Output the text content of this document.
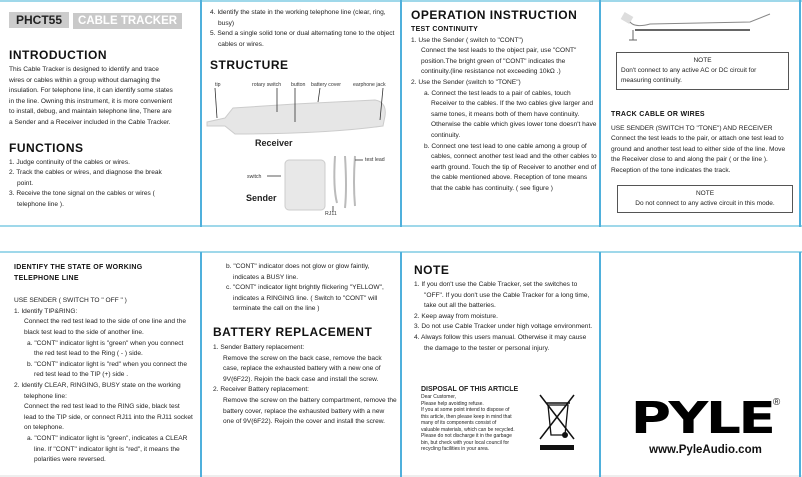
PHCT55 CABLE TRACKER
INTRODUCTION
This Cable Tracker is designed to identify and trace
wires or cables within a group without damaging the
insulation. For telephone line, it can identify some states
in the line. Owning this instrument, it is more convenient
to install, debug, and maintain telephone line, There are
a Sender and a Receiver included in the Cable Tracker.
FUNCTIONS
1. Judge continuity of the cables or wires.
2. Track the cables or wires, and diagnose the break point.
3. Receive the tone signal on the cables or wires ( telephone line ).
4. Identify the state in the working telephone line (clear, ring, busy)
5. Send a single solid tone or dual alternating tone to the object cables or wires.
STRUCTURE
tip	rotary switch button battery cover earphone jack
Receiver
switch
test lead
Sender
RJ11
OPERATION INSTRUCTION
TEST CONTINUITY
1. Use the Sender ( switch to "CONT")
Connect the test leads to the object pair, use "CONT"
position.The bright green of "CONT" indicates the
continuity.(line resistance not exceeding 10kΩ .)
2. Use the Sender (switch to "TONE")
a. Connect the test leads to a pair of cables, touch Receiver to the cables. If the two cables give larger and same tones, it means both of them have continuity. Otherwise the cable which gives lower tone doesn't have continuity.
b. Connect one test lead to one cable among a group of cables, connect another test lead and the other cables to earth ground. Touch the tip of Receiver to another end of the cable mentioned above. Reception of tone means that the cable has continuity. ( see figure )
NOTE
Don't connect to any active AC or DC circuit for measuring continuity.
TRACK CABLE OR WIRES
USE SENDER (SWITCH TO "TONE") AND RECEIVER
Connect the test leads to the pair, or attach one test lead to ground and another test lead to either side of the line. Move the Receiver close to and along the pair ( or the line ). Reception of the tone indicates the track.
NOTE
Do not connect to any active circuit in this mode.
IDENTIFY THE STATE OF WORKING
TELEPHONE LINE
USE SENDER ( SWITCH TO " OFF " )
1. Identify TIP&RING:
Connect the red test lead to the side of one line and the black test lead to the side of another line.
a. "CONT" indicator light is "green" when you connect the red test lead to the Ring ( - ) side.
b. "CONT" indicator light is "red" when you connect the red test lead to the TIP (+) side .
2. Identify CLEAR, RINGING, BUSY state on the working telephone line:
Connect the red test lead to the RING side, black test lead to the TIP side, or connect RJ11 into the RJ11 socket on telephone.
a. "CONT" indicator light is "green", indicates a CLEAR line. If "CONT" indicator light is "red", it means the polarities were reversed.
b. "CONT" indicator does not glow or glow faintly, indicates a BUSY line.
c. "CONT" indicator light brightly flickering "YELLOW", indicates a RINGING line. ( Switch to "CONT" will terminate the call on the line )
BATTERY REPLACEMENT
1. Sender Battery replacement:
Remove the screw on the back case, remove the back case, replace the exhausted battery with a new one of 9V(6F22). Rejoin the back case and install the screw.
2. Receiver Battery replacement:
Remove the screw on the battery compartment, remove the battery cover, replace the exhausted battery with a new one of 9V(6F22). Rejoin the cover and install the screw.
NOTE
1. If you don't use the Cable Tracker, set the switches to "OFF". If you don't use the Cable Tracker for a long time, take out all the batteries.
2. Keep away from moisture.
3. Do not use Cable Tracker under high voltage environment.
4. Always follow this users manual. Otherwise it may cause the damage to the tester or personal injury.
DISPOSAL OF THIS ARTICLE
Dear Customer,
Please help avoiding refuse.
If you at some point intend to dispose of
this article, then please keep in mind that
many of its components consist of
valuable materials, which can be recycled.
Please do not discharge it in the garbage
bin, but check with your local council for
recycling facilities in your area.
PYLE®
www.PyleAudio.com
